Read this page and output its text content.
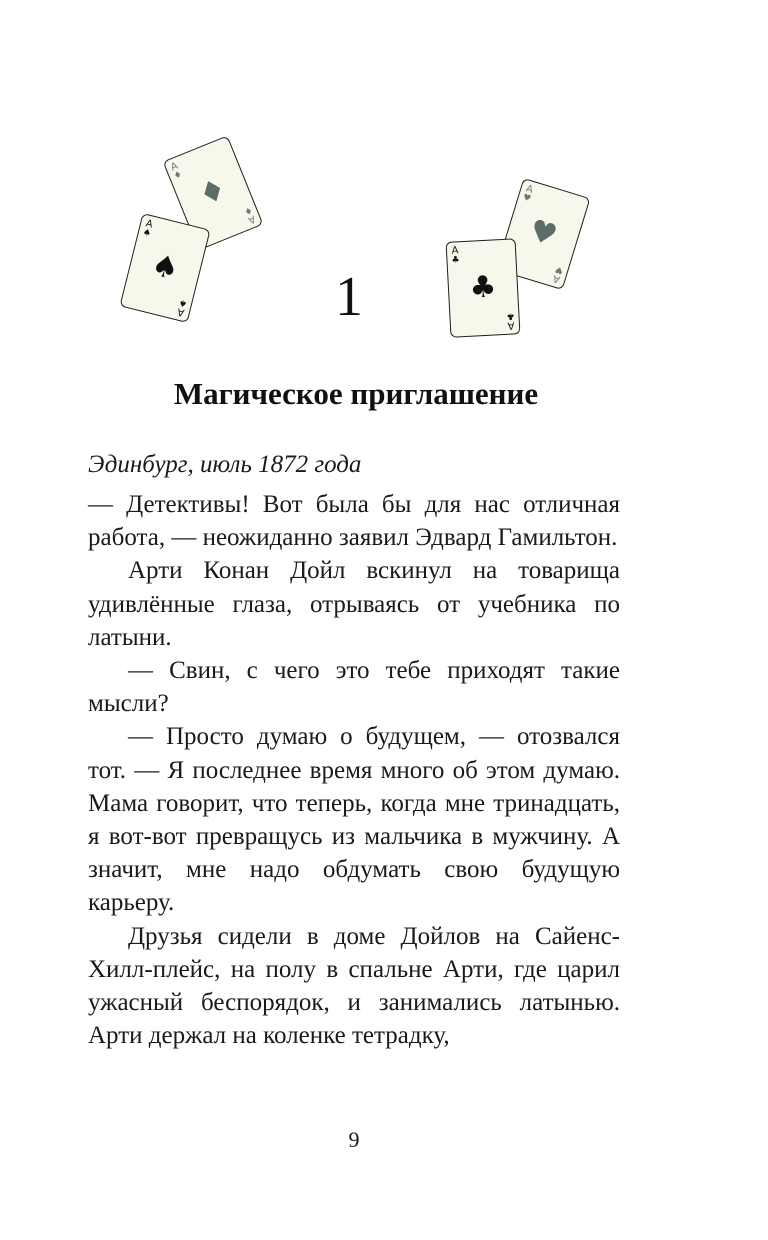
A
♦ ♦
A
♦
A
♠
♠
A
♠
A
♥
♥
A
♥
A
♣
♣
A
♣
1
Магическое приглашение
Эдинбург, июль 1872 года

— Детективы! Вот была бы для нас отличная работа, — неожиданно заявил Эдвард Гамильтон.

Арти Конан Дойл вскинул на товарища удивлённые глаза, отрываясь от учебника по латыни.

— Свин, с чего это тебе приходят такие мысли?

— Просто думаю о будущем, — отозвался тот. — Я последнее время много об этом думаю. Мама говорит, что теперь, когда мне тринадцать, я вот-вот превращусь из мальчика в мужчину. А значит, мне надо обдумать свою будущую карьеру.

Друзья сидели в доме Дойлов на Сайенс-Хилл-плейс, на полу в спальне Арти, где царил ужасный беспорядок, и занимались латынью. Арти держал на коленке тетрадку,

9
